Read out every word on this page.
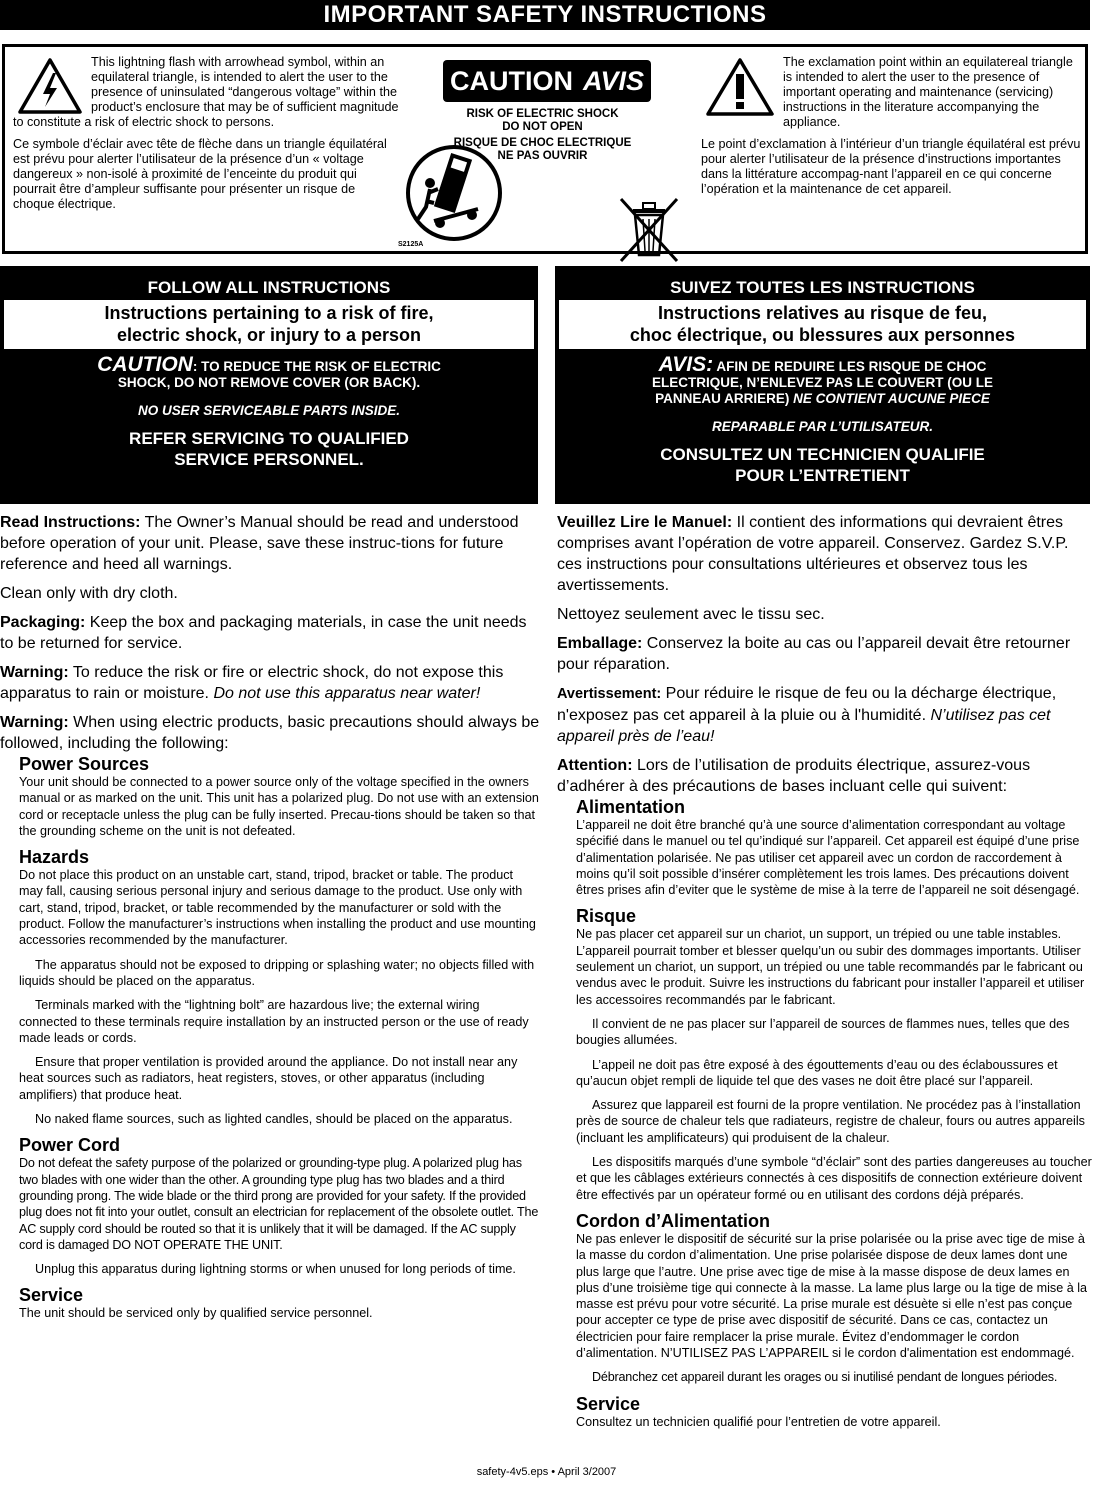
IMPORTANT SAFETY INSTRUCTIONS

This lightning flash with arrowhead symbol, within an equilateral triangle, is intended to alert the user to the presence of uninsulated “dangerous voltage” within the product’s enclosure that may be of sufficient magnitude to constitute a risk of electric shock to persons.

Ce symbole d’éclair avec tête de flèche dans un triangle équilatéral est prévu pour alerter l’utilisateur de la présence d’un « voltage dangereux » non-isolé à proximité de l’enceinte du produit qui pourrait être d’ampleur suffisante pour présenter un risque de choque électrique.

CAUTION AVIS
RISK OF ELECTRIC SHOCK
DO NOT OPEN
RISQUE DE CHOC ELECTRIQUE
NE PAS OUVRIR
S2125A

The exclamation point within an equilatereal triangle is intended to alert the user to the presence of important operating and maintenance (servicing) instructions in the literature accompanying the appliance.

Le point d’exclamation à l’intérieur d’un triangle équilatéral est prévu pour alerter l’utilisateur de la présence d’instructions importantes dans la littérature accompag-nant l’appareil en ce qui concerne l’opération et la maintenance de cet appareil.

FOLLOW ALL INSTRUCTIONS
Instructions pertaining to a risk of fire,
electric shock, or injury to a person
CAUTION: TO REDUCE THE RISK OF ELECTRIC
SHOCK, DO NOT REMOVE COVER (OR BACK).
NO USER SERVICEABLE PARTS INSIDE.
REFER SERVICING TO QUALIFIED
SERVICE PERSONNEL.
SUIVEZ TOUTES LES INSTRUCTIONS
Instructions relatives au risque de feu,
choc électrique, ou blessures aux personnes
AVIS: AFIN DE REDUIRE LES RISQUE DE CHOC
ELECTRIQUE, N’ENLEVEZ PAS LE COUVERT (OU LE
PANNEAU ARRIERE) NE CONTIENT AUCUNE PIECE
REPARABLE PAR L’UTILISATEUR.
CONSULTEZ UN TECHNICIEN QUALIFIE
POUR L’ENTRETIENT

Read Instructions: The Owner’s Manual should be read and understood before operation of your unit. Please, save these instruc-tions for future reference and heed all warnings.

Clean only with dry cloth.

Packaging: Keep the box and packaging materials, in case the unit needs to be returned for service.

Warning: To reduce the risk or fire or electric shock, do not expose this apparatus to rain or moisture. Do not use this apparatus near water!

Warning: When using electric products, basic precautions should always be followed, including the following:

Power Sources

Your unit should be connected to a power source only of the voltage specified in the owners manual or as marked on the unit. This unit has a polarized plug. Do not use with an extension cord or receptacle unless the plug can be fully inserted. Precau-tions should be taken so that the grounding scheme on the unit is not defeated.

Hazards

Do not place this product on an unstable cart, stand, tripod, bracket or table. The product may fall, causing serious personal injury and serious damage to the product. Use only with cart, stand, tripod, bracket, or table recommended by the manufacturer or sold with the product. Follow the manufacturer’s instructions when installing the product and use mounting accessories recommended by the manufacturer.

The apparatus should not be exposed to dripping or splashing water; no objects filled with liquids should be placed on the apparatus.

Terminals marked with the “lightning bolt” are hazardous live; the external wiring connected to these terminals require installation by an instructed person or the use of ready made leads or cords.

Ensure that proper ventilation is provided around the appliance. Do not install near any heat sources such as radiators, heat registers, stoves, or other apparatus (including amplifiers) that produce heat.

No naked flame sources, such as lighted candles, should be placed on the apparatus.

Power Cord

Do not defeat the safety purpose of the polarized or grounding-type plug. A polarized plug has two blades with one wider than the other. A grounding type plug has two blades and a third grounding prong. The wide blade or the third prong are provided for your safety. If the provided plug does not fit into your outlet, consult an electrician for replacement of the obsolete outlet. The AC supply cord should be routed so that it is unlikely that it will be damaged. If the AC supply cord is damaged DO NOT OPERATE THE UNIT.

Unplug this apparatus during lightning storms or when unused for long periods of time.

Service

The unit should be serviced only by qualified service personnel.

Veuillez Lire le Manuel: Il contient des informations qui devraient êtres comprises avant l’opération de votre appareil. Conservez. Gardez S.V.P. ces instructions pour consultations ultérieures et observez tous les avertissements.

Nettoyez seulement avec le tissu sec.

Emballage: Conservez la boite au cas ou l’appareil devait être retourner pour réparation.

Avertissement: Pour réduire le risque de feu ou la décharge électrique, n'exposez pas cet appareil à la pluie ou à l'humidité. N’utilisez pas cet appareil près de l’eau!

Attention: Lors de l’utilisation de produits électrique, assurez-vous d’adhérer à des précautions de bases incluant celle qui suivent:

Alimentation

L’appareil ne doit être branché qu’à une source d’alimentation correspondant au voltage spécifié dans le manuel ou tel qu’indiqué sur l’appareil. Cet appareil est équipé d’une prise d’alimentation polarisée. Ne pas utiliser cet appareil avec un cordon de raccordement à moins qu’il soit possible d’insérer complètement les trois lames. Des précautions doivent êtres prises afin d’eviter que le système de mise à la terre de l’appareil ne soit désengagé.

Risque

Ne pas placer cet appareil sur un chariot, un support, un trépied ou une table instables. L’appareil pourrait tomber et blesser quelqu’un ou subir des dommages importants. Utiliser seulement un chariot, un support, un trépied ou une table recommandés par le fabricant ou vendus avec le produit. Suivre les instructions du fabricant pour installer l’appareil et utiliser les accessoires recommandés par le fabricant.

Il convient de ne pas placer sur l’appareil de sources de flammes nues, telles que des bougies allumées.

L’appeil ne doit pas être exposé à des égouttements d’eau ou des éclaboussures et qu’aucun objet rempli de liquide tel que des vases ne doit être placé sur l’appareil.

Assurez que lappareil est fourni de la propre ventilation. Ne procédez pas à l’installation près de source de chaleur tels que radiateurs, registre de chaleur, fours ou autres appareils (incluant les amplificateurs) qui produisent de la chaleur.

Les dispositifs marqués d’une symbole “d’éclair” sont des parties dangereuses au toucher et que les câblages extérieurs connectés à ces dispositifs de connection extérieure doivent être effectivés par un opérateur formé ou en utilisant des cordons déjà préparés.

Cordon d’Alimentation

Ne pas enlever le dispositif de sécurité sur la prise polarisée ou la prise avec tige de mise à la masse du cordon d’alimentation. Une prise polarisée dispose de deux lames dont une plus large que l’autre. Une prise avec tige de mise à la masse dispose de deux lames en plus d’une troisième tige qui connecte à la masse. La lame plus large ou la tige de mise à la masse est prévu pour votre sécurité. La prise murale est désuète si elle n’est pas conçue pour accepter ce type de prise avec dispositif de sécurité. Dans ce cas, contactez un électricien pour faire remplacer la prise murale. Évitez d’endommager le cordon d’alimentation. N’UTILISEZ PAS L’APPAREIL si le cordon d'alimentation est endommagé.

Débranchez cet appareil durant les orages ou si inutilisé pendant de longues périodes.

Service

Consultez un technicien qualifié pour l’entretien de votre appareil.

safety-4v5.eps • April 3/2007
